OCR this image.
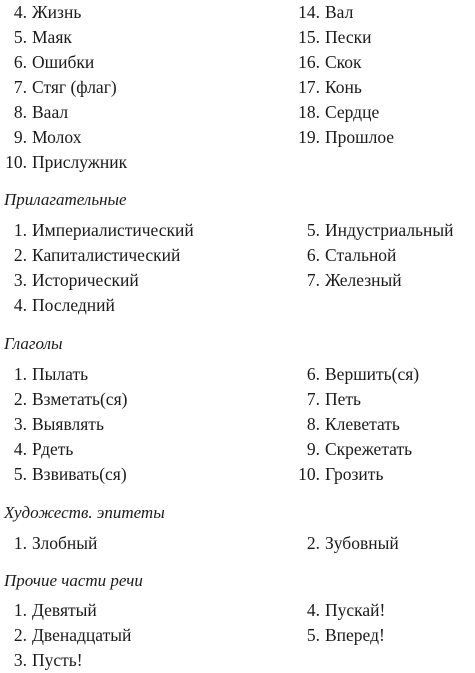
4. Жизнь
5. Маяк
6. Ошибки
7. Стяг (флаг)
8. Ваал
9. Молох
10. Прислужник
14. Вал
15. Пески
16. Скок
17. Конь
18. Сердце
19. Прошлое
Прилагательные
1. Империалистический
2. Капиталистический
3. Исторический
4. Последний
5. Индустриальный
6. Стальной
7. Железный
Глаголы
1. Пылать
2. Взметать(ся)
3. Выявлять
4. Рдеть
5. Взвивать(ся)
6. Вершить(ся)
7. Петь
8. Клеветать
9. Скрежетать
10. Грозить
Художеств. эпитеты
1. Злобный	2. Зубовный
Прочие части речи
1. Девятый
2. Двенадцатый
3. Пусть!
4. Пускай!
5. Вперед!
